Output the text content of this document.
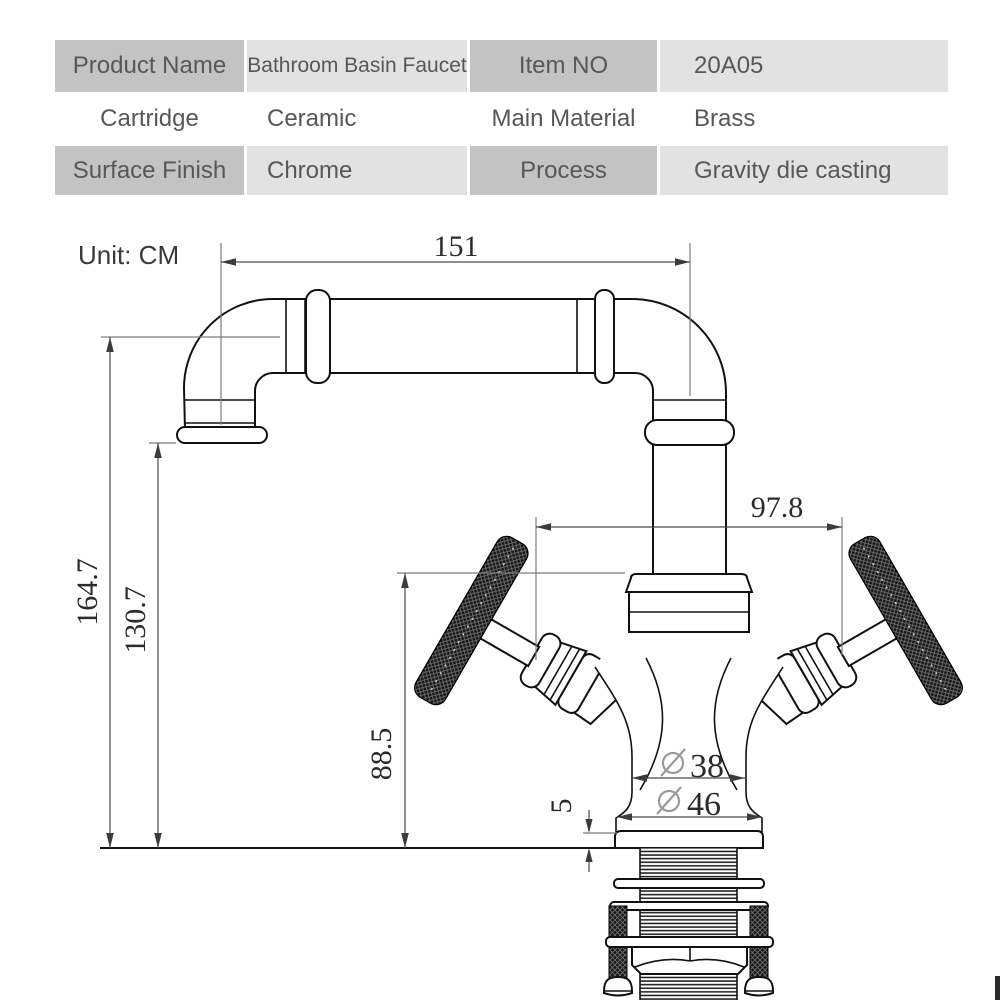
Product Name	Bathroom Basin Faucet	Item NO	20A05
Cartridge	Ceramic	Main Material	Brass
Surface Finish	Chrome	Process	Gravity die casting
Unit: CM	151
164.7 130.7
88.5
97.8
38
46
5
